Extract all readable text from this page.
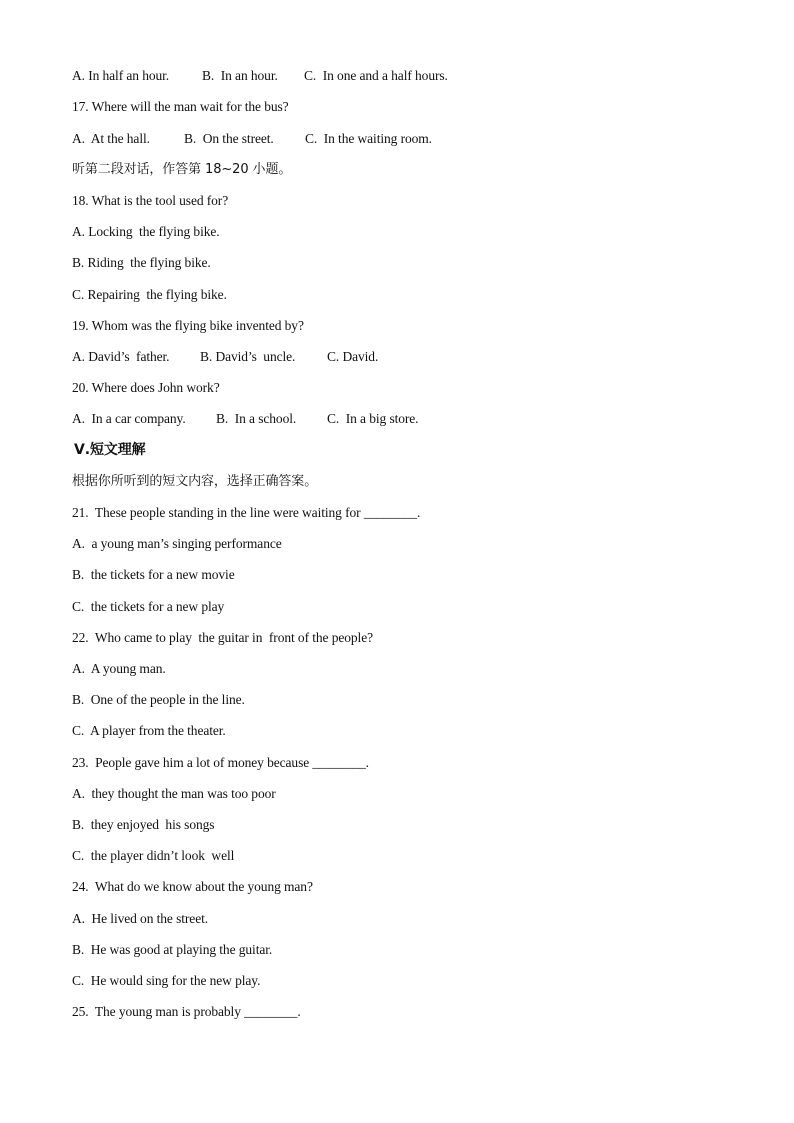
A. In half an hour.	B.  In an hour.	C.  In one and a half hours.
17. Where will the man wait for the bus?
A.  At the hall.	B.  On the street.	C.  In the waiting room.
听第二段对话，作答第 18~20 小题。
18. What is the tool used for?
A. Locking  the flying bike.
B. Riding  the flying bike.
C. Repairing  the flying bike.
19. Whom was the flying bike invented by?
A. David’s  father.	B. David’s  uncle.	C. David.
20. Where does John work?
A.  In a car company.	B.  In a school.	C.  In a big store.
Ⅴ.短文理解
根据你所听到的短文内容，选择正确答案。
21.  These people standing in the line were waiting for ________.
A.  a young man’s singing performance
B.  the tickets for a new movie
C.  the tickets for a new play
22.  Who came to play  the guitar in  front of the people?
A.  A young man.
B.  One of the people in the line.
C.  A player from the theater.
23.  People gave him a lot of money because ________.
A.  they thought the man was too poor
B.  they enjoyed  his songs
C.  the player didn’t look  well
24.  What do we know about the young man?
A.  He lived on the street.
B.  He was good at playing the guitar.
C.  He would sing for the new play.
25.  The young man is probably ________.
